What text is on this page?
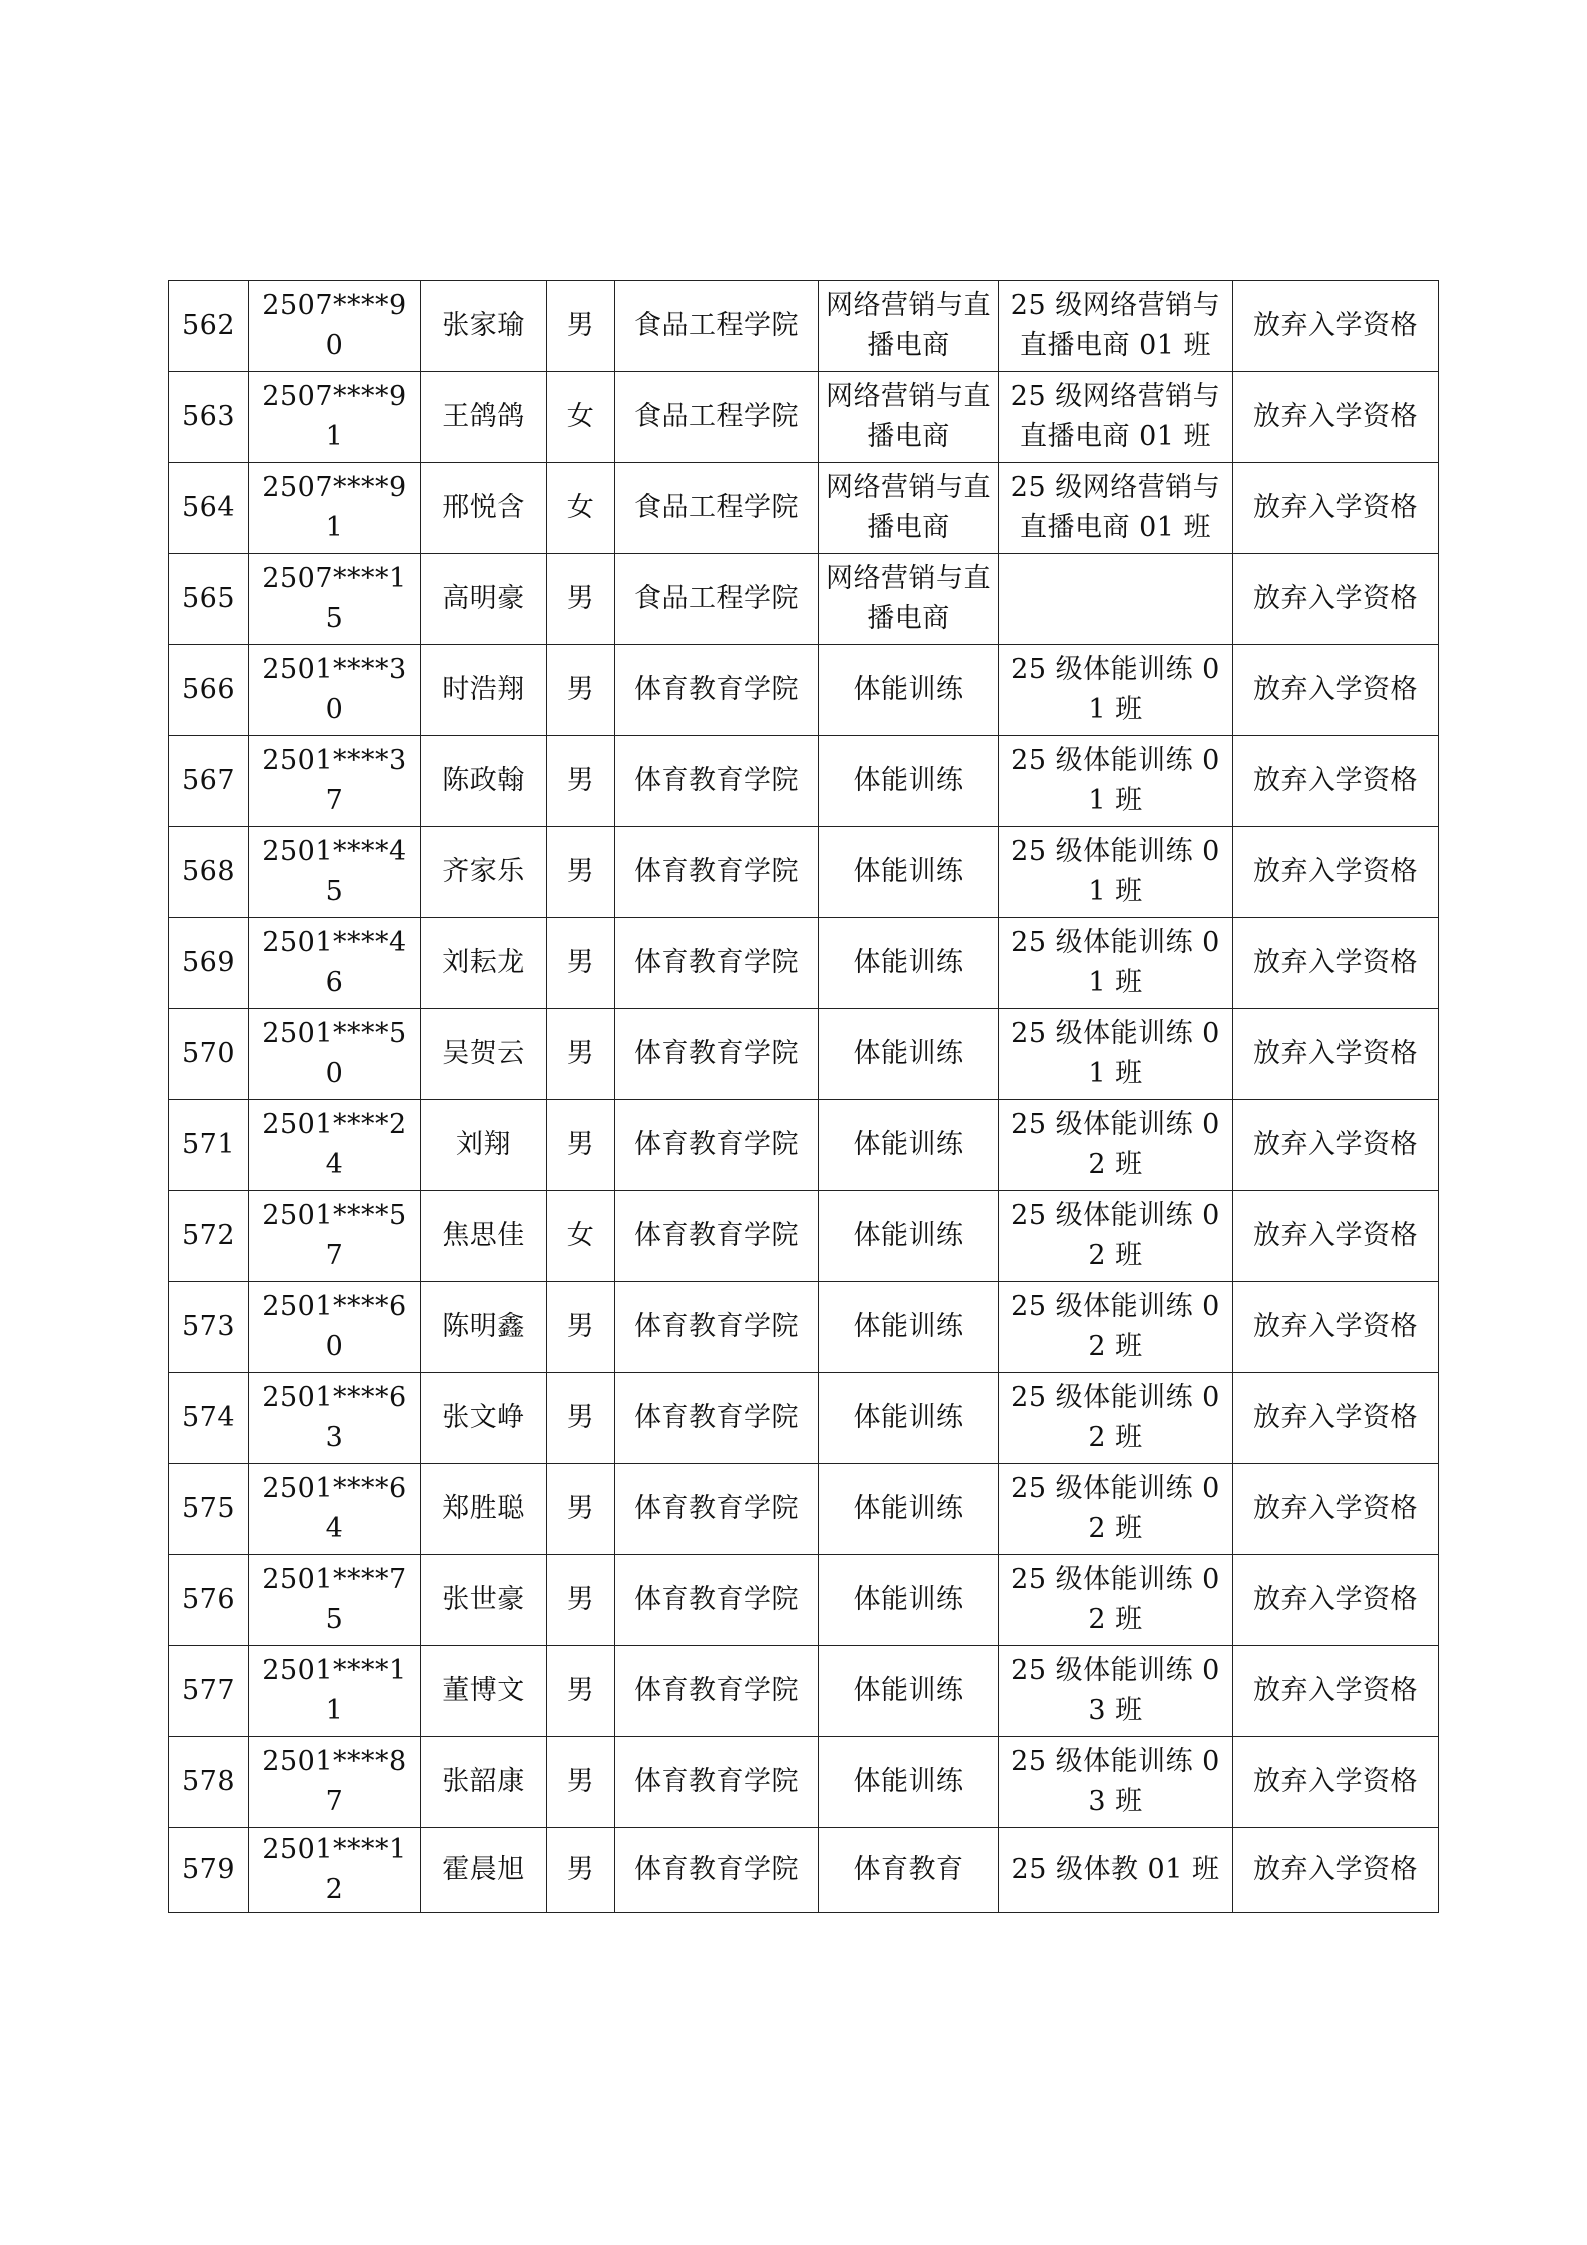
562	2507****90	张家瑜	男	食品工程学院	网络营销与直播电商	25 级网络营销与直播电商 01 班	放弃入学资格
563	2507****91	王鸽鸽	女	食品工程学院	网络营销与直播电商	25 级网络营销与直播电商 01 班	放弃入学资格
564	2507****91	邢悦含	女	食品工程学院	网络营销与直播电商	25 级网络营销与直播电商 01 班	放弃入学资格
565	2507****15	高明豪	男	食品工程学院	网络营销与直播电商		放弃入学资格
566	2501****30	时浩翔	男	体育教育学院	体能训练	25 级体能训练 01 班	放弃入学资格
567	2501****37	陈政翰	男	体育教育学院	体能训练	25 级体能训练 01 班	放弃入学资格
568	2501****45	齐家乐	男	体育教育学院	体能训练	25 级体能训练 01 班	放弃入学资格
569	2501****46	刘耘龙	男	体育教育学院	体能训练	25 级体能训练 01 班	放弃入学资格
570	2501****50	吴贺云	男	体育教育学院	体能训练	25 级体能训练 01 班	放弃入学资格
571	2501****24	刘翔	男	体育教育学院	体能训练	25 级体能训练 02 班	放弃入学资格
572	2501****57	焦思佳	女	体育教育学院	体能训练	25 级体能训练 02 班	放弃入学资格
573	2501****60	陈明鑫	男	体育教育学院	体能训练	25 级体能训练 02 班	放弃入学资格
574	2501****63	张文峥	男	体育教育学院	体能训练	25 级体能训练 02 班	放弃入学资格
575	2501****64	郑胜聪	男	体育教育学院	体能训练	25 级体能训练 02 班	放弃入学资格
576	2501****75	张世豪	男	体育教育学院	体能训练	25 级体能训练 02 班	放弃入学资格
577	2501****11	董博文	男	体育教育学院	体能训练	25 级体能训练 03 班	放弃入学资格
578	2501****87	张韶康	男	体育教育学院	体能训练	25 级体能训练 03 班	放弃入学资格
579	2501****12	霍晨旭	男	体育教育学院	体育教育	25 级体教 01 班	放弃入学资格
